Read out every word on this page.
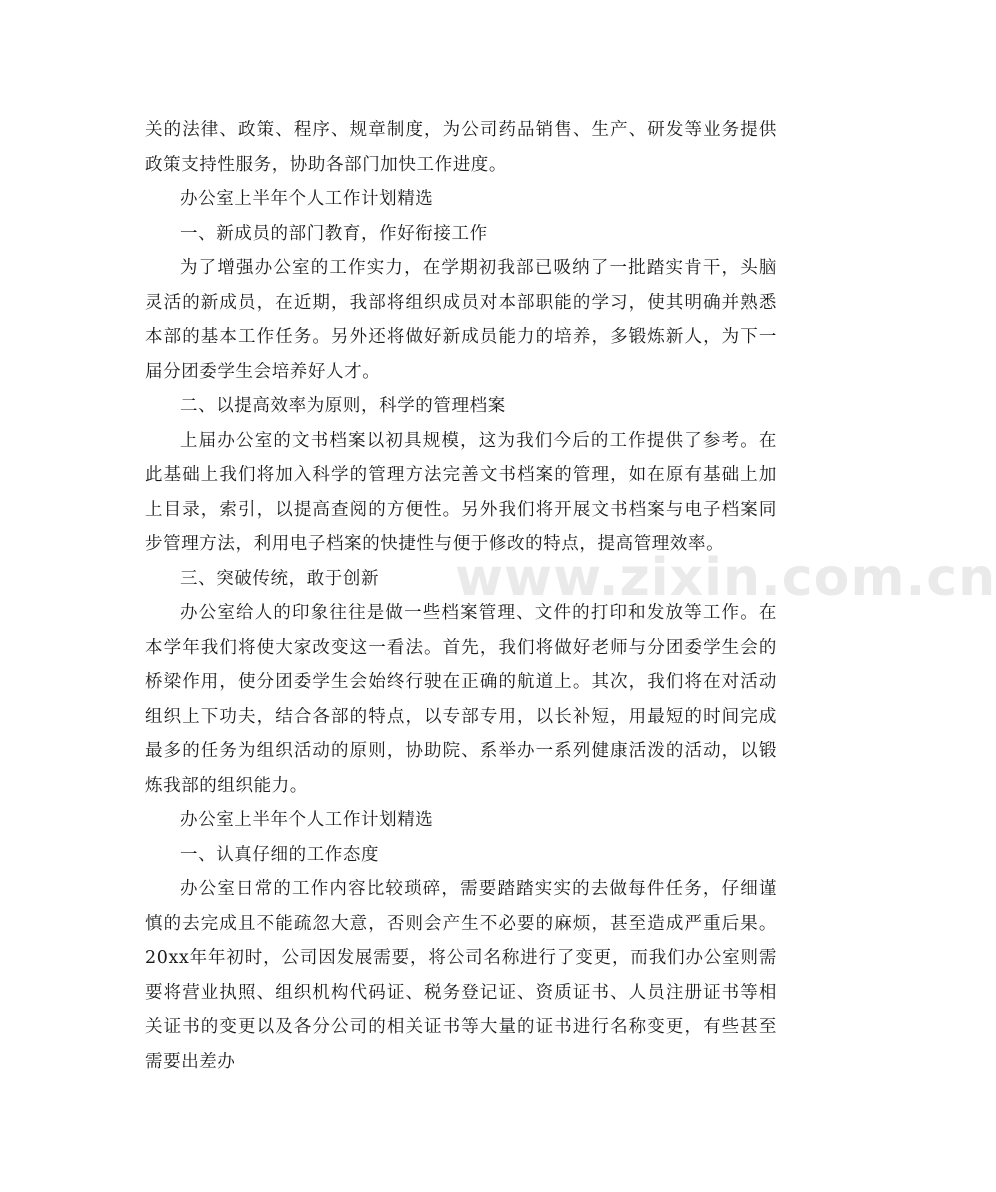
关的法律、政策、程序、规章制度，为公司药品销售、生产、研发等业务提供政策支持性服务，协助各部门加快工作进度。

办公室上半年个人工作计划精选

一、新成员的部门教育，作好衔接工作

为了增强办公室的工作实力，在学期初我部已吸纳了一批踏实肯干，头脑灵活的新成员，在近期，我部将组织成员对本部职能的学习，使其明确并熟悉本部的基本工作任务。另外还将做好新成员能力的培养，多锻炼新人，为下一届分团委学生会培养好人才。

二、以提高效率为原则，科学的管理档案

上届办公室的文书档案以初具规模，这为我们今后的工作提供了参考。在此基础上我们将加入科学的管理方法完善文书档案的管理，如在原有基础上加上目录，索引，以提高查阅的方便性。另外我们将开展文书档案与电子档案同步管理方法，利用电子档案的快捷性与便于修改的特点，提高管理效率。

三、突破传统，敢于创新

办公室给人的印象往往是做一些档案管理、文件的打印和发放等工作。在本学年我们将使大家改变这一看法。首先，我们将做好老师与分团委学生会的桥梁作用，使分团委学生会始终行驶在正确的航道上。其次，我们将在对活动组织上下功夫，结合各部的特点，以专部专用，以长补短，用最短的时间完成最多的任务为组织活动的原则，协助院、系举办一系列健康活泼的活动，以锻炼我部的组织能力。

办公室上半年个人工作计划精选

一、认真仔细的工作态度

办公室日常的工作内容比较琐碎，需要踏踏实实的去做每件任务，仔细谨慎的去完成且不能疏忽大意，否则会产生不必要的麻烦，甚至造成严重后果。20xx年年初时，公司因发展需要，将公司名称进行了变更，而我们办公室则需要将营业执照、组织机构代码证、税务登记证、资质证书、人员注册证书等相关证书的变更以及各分公司的相关证书等大量的证书进行名称变更，有些甚至需要出差办

www.zixin.com.cn
